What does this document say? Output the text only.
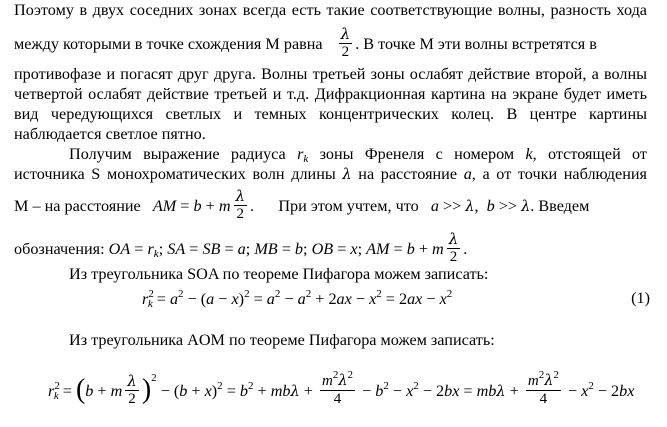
Поэтому в двух соседних зонах всегда есть такие соответствующие волны, разность хода
между которыми в точке схождения М равна $\frac{\lambda}{2}$ . В точке М эти волны встретятся в
противофазе и погасят друг друга. Волны третьей зоны ослабят действие второй, а волны
четвертой ослабят действие третьей и т.д. Дифракционная картина на экране будет иметь
вид чередующихся светлых и темных концентрических колец. В центре картины
наблюдается светлое пятно.
Получим выражение радиуса $r_k$ зоны Френеля с номером k, отстоящей от
источника S монохроматических волн длины λ на расстояние a, а от точки наблюдения
М – на расстояние AM = b + m $\frac{\lambda}{2}$ .      При этом учтем, что a >> λ,  b >> λ. Введем
обозначения: OA = $r_k$; SA = SB = a; MB = b; OB = x; AM = b + m $\frac{\lambda}{2}$ .
Из треугольника SOA по теореме Пифагора можем записать:
$r^2_k = a^2 - (a - x)^2 = a^2 - a^2 + 2ax - x^2 = 2ax - x^2$	(1)
Из треугольника AOM по теореме Пифагора можем записать:
$r^2_k = (b + m \frac{\lambda}{2} )^2 - (b + x)^2 = b^2 + mb\lambda + \frac{m^2\lambda^2}{4} - b^2 - x^2 - 2bx = mb\lambda + \frac{m^2\lambda^2}{4} - x^2 - 2bx$
